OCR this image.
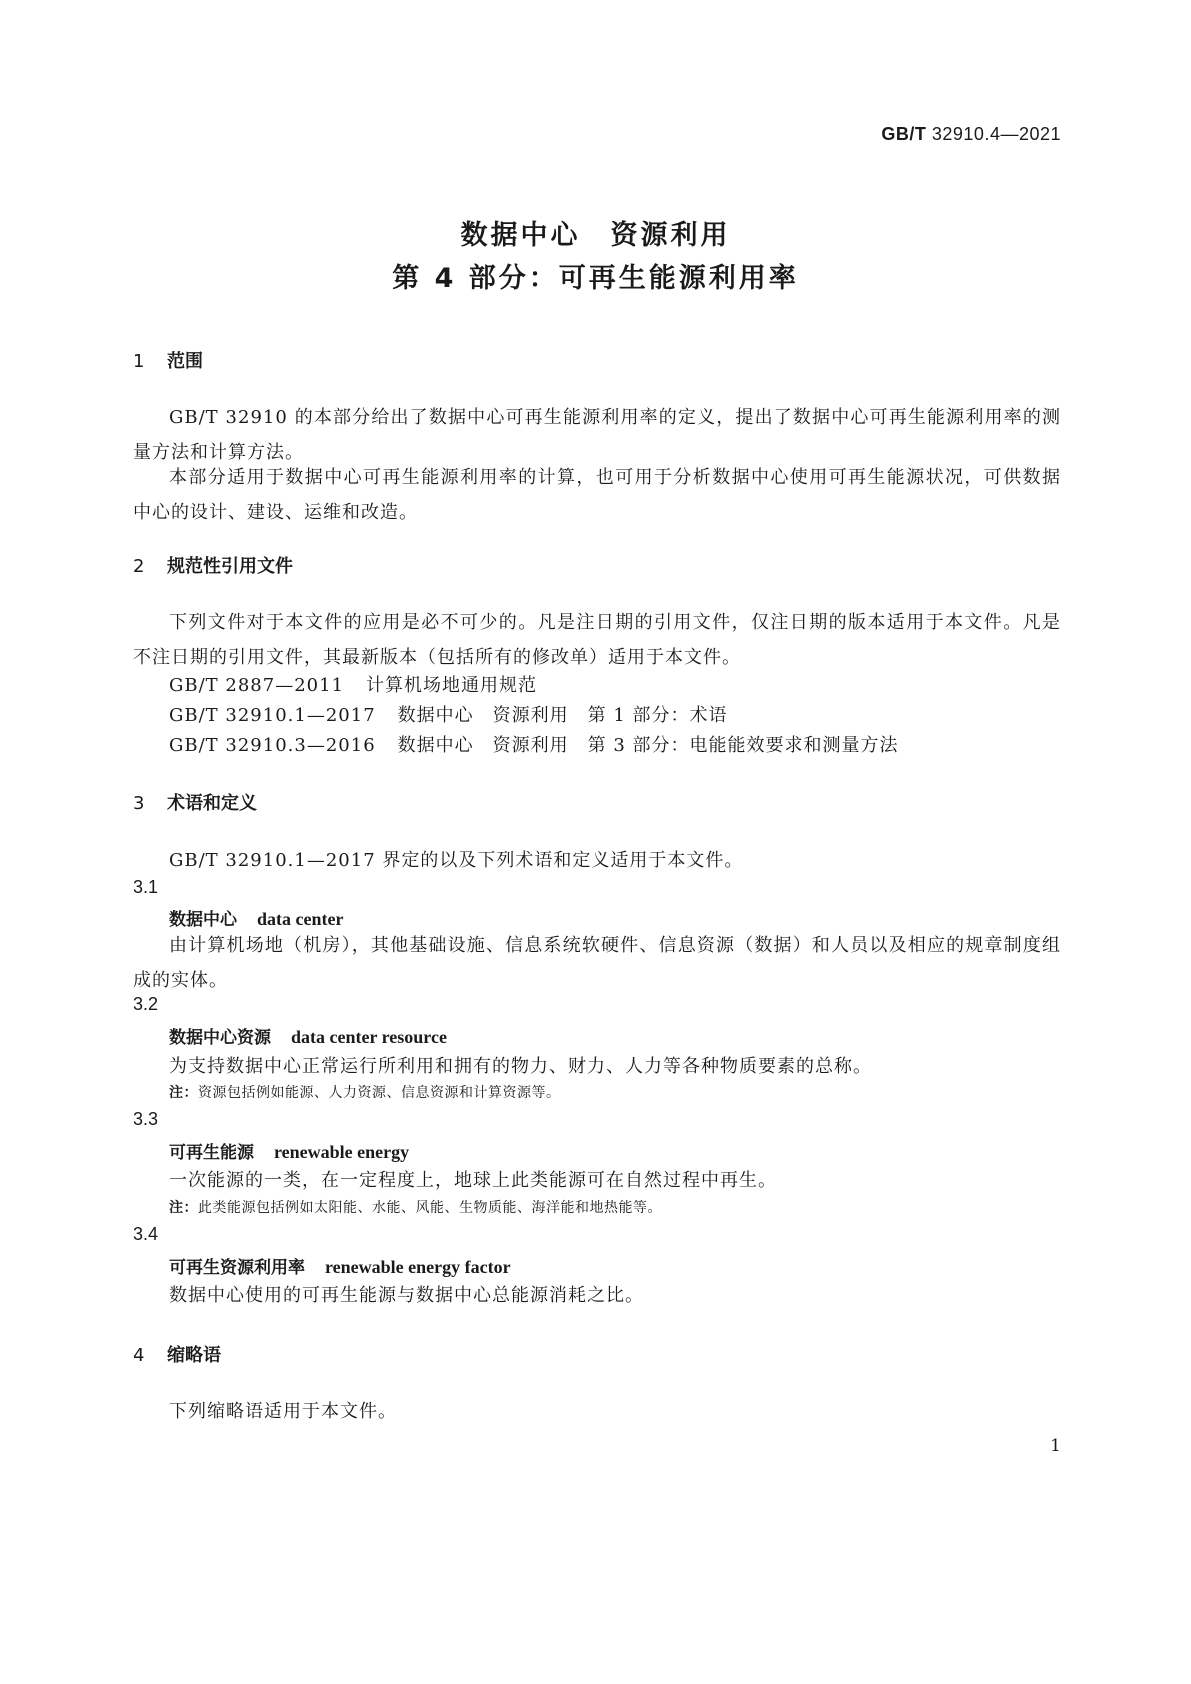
GB/T 32910.4—2021
数据中心　资源利用
第 4 部分：可再生能源利用率
1 范围
GB/T 32910 的本部分给出了数据中心可再生能源利用率的定义，提出了数据中心可再生能源利用率的测量方法和计算方法。
本部分适用于数据中心可再生能源利用率的计算，也可用于分析数据中心使用可再生能源状况，可供数据中心的设计、建设、运维和改造。
2 规范性引用文件
下列文件对于本文件的应用是必不可少的。凡是注日期的引用文件，仅注日期的版本适用于本文件。凡是不注日期的引用文件，其最新版本（包括所有的修改单）适用于本文件。
GB/T 2887—2011 计算机场地通用规范
GB/T 32910.1—2017 数据中心　资源利用　第 1 部分：术语
GB/T 32910.3—2016 数据中心　资源利用　第 3 部分：电能能效要求和测量方法
3 术语和定义
GB/T 32910.1—2017 界定的以及下列术语和定义适用于本文件。
3.1
数据中心 data center
由计算机场地（机房），其他基础设施、信息系统软硬件、信息资源（数据）和人员以及相应的规章制度组成的实体。
3.2
数据中心资源 data center resource
为支持数据中心正常运行所利用和拥有的物力、财力、人力等各种物质要素的总称。
注：资源包括例如能源、人力资源、信息资源和计算资源等。
3.3
可再生能源 renewable energy
一次能源的一类，在一定程度上，地球上此类能源可在自然过程中再生。
注：此类能源包括例如太阳能、水能、风能、生物质能、海洋能和地热能等。
3.4
可再生资源利用率 renewable energy factor
数据中心使用的可再生能源与数据中心总能源消耗之比。
4 缩略语
下列缩略语适用于本文件。
1
